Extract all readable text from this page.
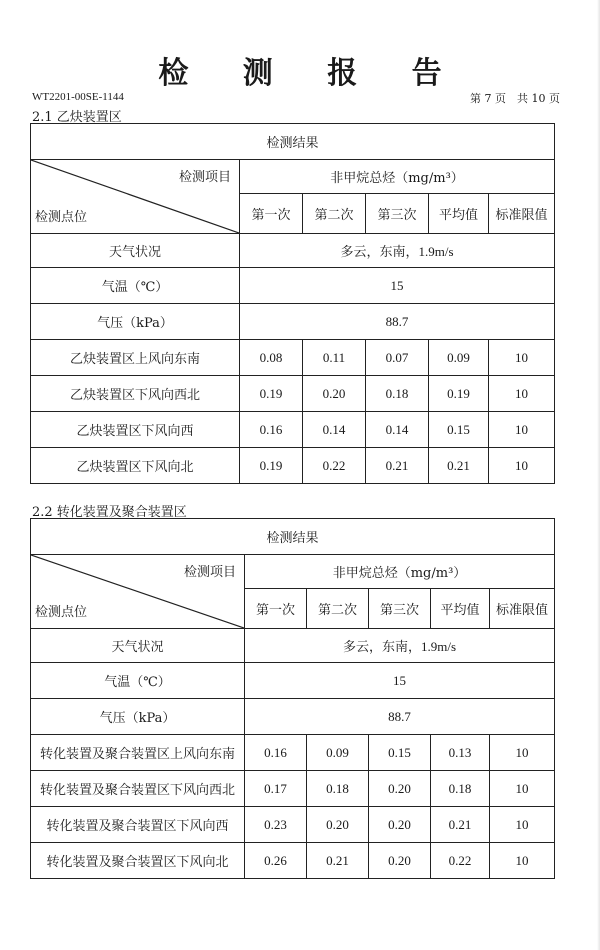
检 测 报 告
WT2201-00SE-1144	第 7 页　共 10 页
2.1 乙炔装置区
检测结果					

检测项目
检测点位	非甲烷总烃（mg/m³）				
	第一次	第二次	第三次	平均值	标准限值
天气状况	多云，东南，1.9m/s				
气温（℃）	15				
气压（kPa）	88.7				
乙炔装置区上风向东南	0.08	0.11	0.07	0.09	10
乙炔装置区下风向西北	0.19	0.20	0.18	0.19	10
乙炔装置区下风向西	0.16	0.14	0.14	0.15	10
乙炔装置区下风向北	0.19	0.22	0.21	0.21	10
2.2 转化装置及聚合装置区
检测结果					

检测项目
检测点位	非甲烷总烃（mg/m³）				
	第一次	第二次	第三次	平均值	标准限值
天气状况	多云，东南，1.9m/s				
气温（℃）	15				
气压（kPa）	88.7				
转化装置及聚合装置区上风向东南	0.16	0.09	0.15	0.13	10
转化装置及聚合装置区下风向西北	0.17	0.18	0.20	0.18	10
转化装置及聚合装置区下风向西	0.23	0.20	0.20	0.21	10
转化装置及聚合装置区下风向北	0.26	0.21	0.20	0.22	10
